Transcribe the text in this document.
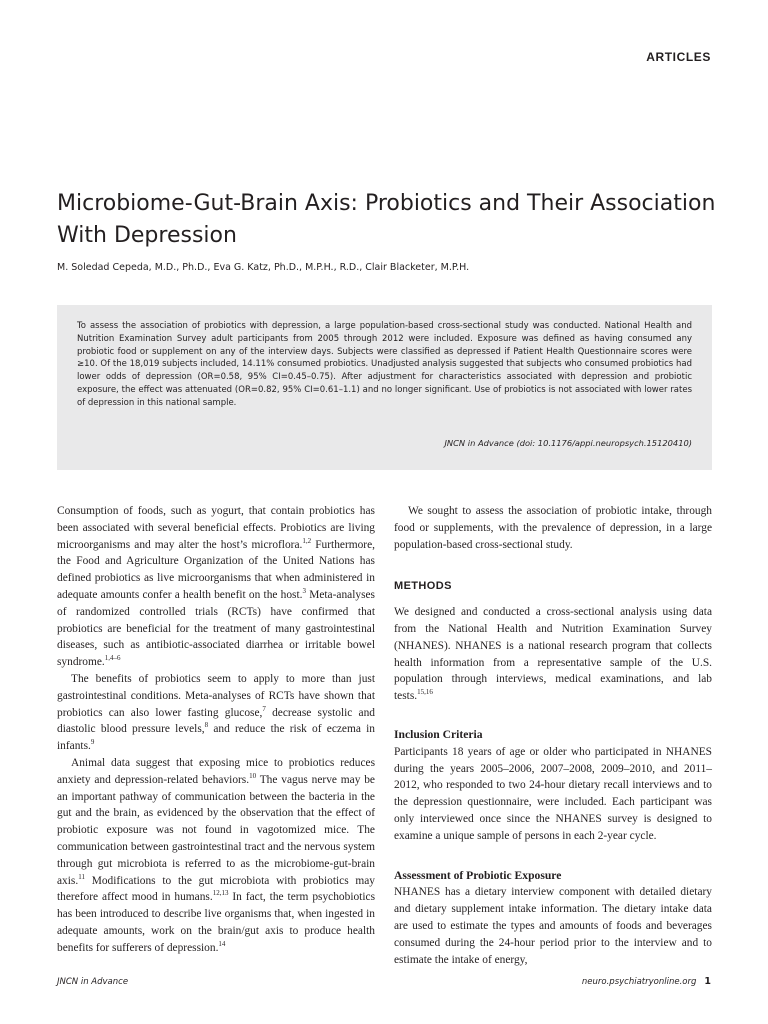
ARTICLES
Microbiome-Gut-Brain Axis: Probiotics and Their Association With Depression
M. Soledad Cepeda, M.D., Ph.D., Eva G. Katz, Ph.D., M.P.H., R.D., Clair Blacketer, M.P.H.

To assess the association of probiotics with depression, a large population-based cross-sectional study was conducted. National Health and Nutrition Examination Survey adult participants from 2005 through 2012 were included. Exposure was defined as having consumed any probiotic food or supplement on any of the interview days. Subjects were classified as depressed if Patient Health Questionnaire scores were ≥10. Of the 18,019 subjects included, 14.11% consumed probiotics. Unadjusted analysis suggested that subjects who consumed probiotics had lower odds of depression (OR=0.58, 95% CI=0.45–0.75). After adjustment for characteristics associated with depression and probiotic exposure, the effect was attenuated (OR=0.82, 95% CI=0.61–1.1) and no longer significant. Use of probiotics is not associated with lower rates of depression in this national sample.

JNCN in Advance (doi: 10.1176/appi.neuropsych.15120410)

Consumption of foods, such as yogurt, that contain probiotics has been associated with several beneficial effects. Probiotics are living microorganisms and may alter the host’s microflora.$^{1,2}$ Furthermore, the Food and Agriculture Organization of the United Nations has defined probiotics as live microorganisms that when administered in adequate amounts confer a health benefit on the host.$^3$ Meta-analyses of randomized controlled trials (RCTs) have confirmed that probiotics are beneficial for the treatment of many gastrointestinal diseases, such as antibiotic-associated diarrhea or irritable bowel syndrome.$^{1,4-6}$

The benefits of probiotics seem to apply to more than just gastrointestinal conditions. Meta-analyses of RCTs have shown that probiotics can also lower fasting glucose,$^7$ decrease systolic and diastolic blood pressure levels,$^8$ and reduce the risk of eczema in infants.$^9$

Animal data suggest that exposing mice to probiotics reduces anxiety and depression-related behaviors.$^{10}$ The vagus nerve may be an important pathway of communication between the bacteria in the gut and the brain, as evidenced by the observation that the effect of probiotic exposure was not found in vagotomized mice. The communication between gastrointestinal tract and the nervous system through gut microbiota is referred to as the microbiome-gut-brain axis.$^{11}$ Modifications to the gut microbiota with probiotics may therefore affect mood in humans.$^{12,13}$ In fact, the term psychobiotics has been introduced to describe live organisms that, when ingested in adequate amounts, work on the brain/gut axis to produce health benefits for sufferers of depression.$^{14}$

We sought to assess the association of probiotic intake, through food or supplements, with the prevalence of depression, in a large population-based cross-sectional study.

METHODS

We designed and conducted a cross-sectional analysis using data from the National Health and Nutrition Examination Survey (NHANES). NHANES is a national research program that collects health information from a representative sample of the U.S. population through interviews, medical examinations, and lab tests.$^{15,16}$

Inclusion Criteria

Participants 18 years of age or older who participated in NHANES during the years 2005–2006, 2007–2008, 2009–2010, and 2011–2012, who responded to two 24-hour dietary recall interviews and to the depression questionnaire, were included. Each participant was only interviewed once since the NHANES survey is designed to examine a unique sample of persons in each 2-year cycle.

Assessment of Probiotic Exposure

NHANES has a dietary interview component with detailed dietary and dietary supplement intake information. The dietary intake data are used to estimate the types and amounts of foods and beverages consumed during the 24-hour period prior to the interview and to estimate the intake of energy,

JNCN in Advance	neuro.psychiatryonline.org 1
